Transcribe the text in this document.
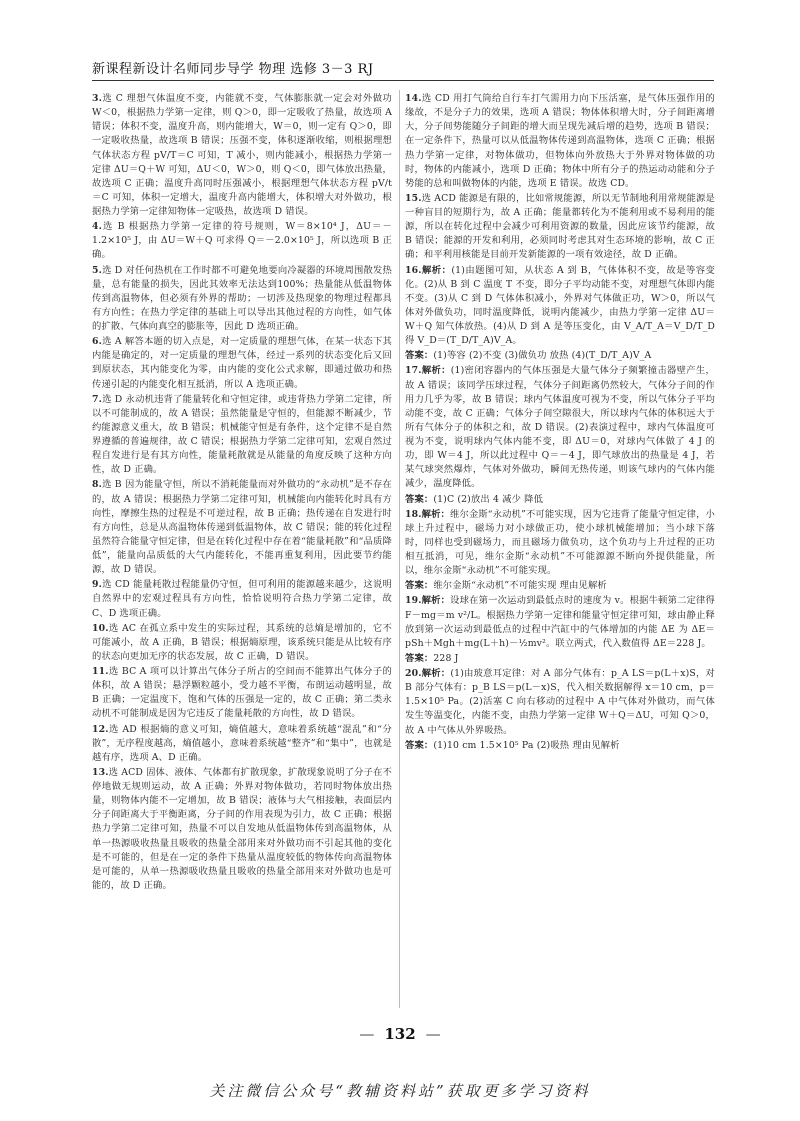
新课程新设计名师同步导学 物理 选修 3－3 RJ
3.选 C 理想气体温度不变，内能就不变，气体膨胀就一定会对外做功 W＜0，根据热力学第一定律，则 Q＞0，即一定吸收了热量，故选项 A 错误；体积不变，温度升高，则内能增大，W＝0，则一定有 Q＞0，即一定吸收热量，故选项 B 错误；压强不变，体积逐渐收缩，则根据理想气体状态方程 pV/T＝C 可知，T 减小，则内能减小，根据热力学第一定律 ΔU＝Q＋W 可知，ΔU＜0，W＞0，则 Q＜0，即气体放出热量，故选项 C 正确；温度升高同时压强减小，根据理想气体状态方程 pV/t＝C 可知，体积一定增大，温度升高内能增大，体积增大对外做功，根据热力学第一定律知物体一定吸热，故选项 D 错误。
4.选 B 根据热力学第一定律的符号规则，W＝8×10⁴ J，ΔU＝－1.2×10⁵ J，由 ΔU＝W＋Q 可求得 Q＝－2.0×10⁵ J，所以选项 B 正确。
5.选 D 对任何热机在工作时都不可避免地要向冷凝器的环境周围散发热量，总有能量的损失，因此其效率无法达到100%；热量能从低温物体传到高温物体，但必须有外界的帮助；一切涉及热现象的物理过程都具有方向性；在热力学定律的基础上可以导出其他过程的方向性，如气体的扩散、气体向真空的膨胀等，因此 D 选项正确。
6.选 A 解答本题的切入点是，对一定质量的理想气体，在某一状态下其内能是确定的，对一定质量的理想气体，经过一系列的状态变化后又回到原状态，其内能变化为零，由内能的变化公式求解，即通过做功和热传递引起的内能变化相互抵消，所以 A 选项正确。
7.选 D 永动机违背了能量转化和守恒定律，或违背热力学第二定律，所以不可能制成的，故 A 错误；虽然能量是守恒的，但能源不断减少，节约能源意义重大，故 B 错误；机械能守恒是有条件，这个定律不是自然界遵循的普遍规律，故 C 错误；根据热力学第二定律可知，宏观自然过程自发进行是有其方向性，能量耗散就是从能量的角度反映了这种方向性，故 D 正确。
8.选 B 因为能量守恒，所以不消耗能量而对外做功的“永动机”是不存在的，故 A 错误；根据热力学第二定律可知，机械能向内能转化时具有方向性，摩擦生热的过程是不可逆过程，故 B 正确；热传递在自发进行时有方向性，总是从高温物体传递到低温物体，故 C 错误；能的转化过程虽然符合能量守恒定律，但是在转化过程中存在着“能量耗散”和“品质降低”，能量向品质低的大气内能转化，不能再重复利用，因此要节约能源，故 D 错误。
9.选 CD 能量耗散过程能量仍守恒，但可利用的能源越来越少，这说明自然界中的宏观过程具有方向性，恰恰说明符合热力学第二定律，故 C、D 选项正确。
10.选 AC 在孤立系中发生的实际过程，其系统的总熵是增加的，它不可能减小，故 A 正确，B 错误；根据熵原理，该系统只能是从比较有序的状态向更加无序的状态发展，故 C 正确，D 错误。
11.选 BC A 项可以计算出气体分子所占的空间而不能算出气体分子的体积，故 A 错误；悬浮颗粒越小，受力越不平衡，布朗运动越明显，故 B 正确；一定温度下，饱和气体的压强是一定的，故 C 正确；第二类永动机不可能制成是因为它违反了能量耗散的方向性，故 D 错误。
12.选 AD 根据熵的意义可知，熵值越大，意味着系统越“混乱”和“分散”，无序程度越高，熵值越小，意味着系统越“整齐”和“集中”，也就是越有序，选项 A、D 正确。
13.选 ACD 固体、液体、气体都有扩散现象，扩散现象说明了分子在不停地做无规则运动，故 A 正确；外界对物体做功，若同时物体放出热量，则物体内能不一定增加，故 B 错误；液体与大气相接触，表面层内分子间距离大于平衡距离，分子间的作用表现为引力，故 C 正确；根据热力学第二定律可知，热量不可以自发地从低温物体传到高温物体，从单一热源吸收热量且吸收的热量全部用来对外做功而不引起其他的变化是不可能的，但是在一定的条件下热量从温度较低的物体传向高温物体是可能的，从单一热源吸收热量且吸收的热量全部用来对外做功也是可能的，故 D 正确。
14.选 CD 用打气筒给自行车打气需用力向下压活塞，是气体压强作用的缘故，不是分子力的效果，选项 A 错误；物体体积增大时，分子间距离增大，分子间势能随分子间距的增大而呈现先减后增的趋势，选项 B 错误；在一定条件下，热量可以从低温物体传递到高温物体，选项 C 正确；根据热力学第一定律，对物体做功，但物体向外放热大于外界对物体做的功时，物体的内能减小，选项 D 正确；物体中所有分子的热运动动能和分子势能的总和叫做物体的内能，选项 E 错误。故选 CD。
15.选 ACD 能源是有限的，比如常规能源，所以无节制地利用常规能源是一种盲目的短期行为，故 A 正确；能量都转化为不能利用或不易利用的能源，所以在转化过程中会减少可利用资源的数量，因此应该节约能源，故 B 错误；能源的开发和利用，必须同时考虑其对生态环境的影响，故 C 正确；和平利用核能是目前开发新能源的一项有效途径，故 D 正确。
16.解析：(1)由题图可知，从状态 A 到 B，气体体积不变，故是等容变化。(2)从 B 到 C 温度 T 不变，即分子平均动能不变，对理想气体即内能不变。(3)从 C 到 D 气体体积减小，外界对气体做正功，W＞0，所以气体对外做负功，同时温度降低，说明内能减少，由热力学第一定律 ΔU＝W＋Q 知气体放热。(4)从 D 到 A 是等压变化，由 V_A/T_A＝V_D/T_D 得 V_D＝(T_D/T_A)V_A。
答案：(1)等容 (2)不变 (3)做负功 放热 (4)(T_D/T_A)V_A
17.解析：(1)密闭容器内的气体压强是大量气体分子频繁撞击器壁产生，故 A 错误；该同学压球过程，气体分子间距离仍然较大，气体分子间的作用力几乎为零，故 B 错误；球内气体温度可视为不变，所以气体分子平均动能不变，故 C 正确；气体分子间空隙很大，所以球内气体的体积远大于所有气体分子的体积之和，故 D 错误。(2)表演过程中，球内气体温度可视为不变，说明球内气体内能不变，即 ΔU＝0，对球内气体做了 4 J 的功，即 W＝4 J，所以此过程中 Q＝－4 J，即气球放出的热量是 4 J，若某气球突然爆炸，气体对外做功，瞬间无热传递，则该气球内的气体内能减少，温度降低。
答案：(1)C (2)放出 4 减少 降低
18.解析：维尔金斯“永动机”不可能实现，因为它违背了能量守恒定律，小球上升过程中，磁场力对小球做正功，使小球机械能增加；当小球下落时，同样也受到磁场力，而且磁场力做负功，这个负功与上升过程的正功相互抵消，可见，维尔金斯“永动机”不可能源源不断向外提供能量，所以，维尔金斯“永动机”不可能实现。
答案：维尔金斯“永动机”不可能实现 理由见解析
19.解析：设球在第一次运动到最低点时的速度为 v。根据牛顿第二定律得 F－mg＝m v²/L。根据热力学第一定律和能量守恒定律可知，球由静止释放到第一次运动到最低点的过程中汽缸中的气体增加的内能 ΔE 为 ΔE＝pSh＋Mgh＋mg(L＋h)－½mv²。联立两式，代入数值得 ΔE＝228 J。
答案：228 J
20.解析：(1)由玻意耳定律：对 A 部分气体有：p_A LS＝p(L＋x)S，对 B 部分气体有：p_B LS＝p(L－x)S，代入相关数据解得 x＝10 cm，p＝1.5×10⁵ Pa。(2)活塞 C 向右移动的过程中 A 中气体对外做功，而气体发生等温变化，内能不变，由热力学第一定律 W＋Q＝ΔU，可知 Q＞0，故 A 中气体从外界吸热。
答案：(1)10 cm 1.5×10⁵ Pa (2)吸热 理由见解析
— 132 —
关注微信公众号“教辅资料站”获取更多学习资料
